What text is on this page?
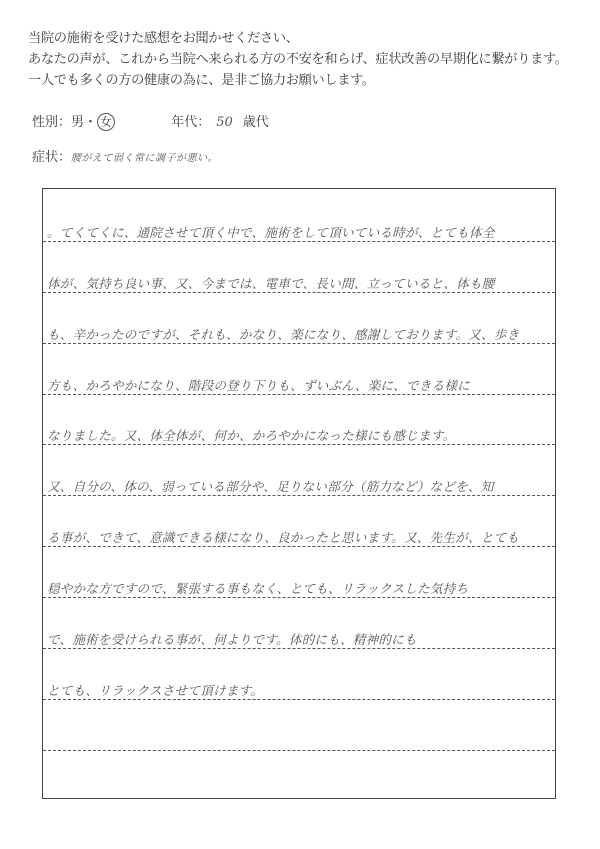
当院の施術を受けた感想をお聞かせください、
あなたの声が、これから当院へ来られる方の不安を和らげ、症状改善の早期化に繋がります。
一人でも多くの方の健康の為に、是非ご協力お願いします。
性別：男・ 女	年代： 50 歳代
症状：腰がえて弱く常に調子が悪い。
。てくてくに、通院させて頂く中で、施術をして頂いている時が、とても体全
体が、気持ち良い事、又、今までは、電車で、長い間、立っていると、体も腰
も、辛かったのですが、それも、かなり、楽になり、感謝しております。又、歩き
方も、かろやかになり、階段の登り下りも、ずいぶん、楽に、できる様に
なりました。又、体全体が、何か、かろやかになった様にも感じます。
又、自分の、体の、弱っている部分や、足りない部分（筋力など）などを、知
る事が、できて、意識できる様になり、良かったと思います。又、先生が、とても
穏やかな方ですので、緊張する事もなく、とても、リラックスした気持ち
で、施術を受けられる事が、何よりです。体的にも、精神的にも
とても、リラックスさせて頂けます。
